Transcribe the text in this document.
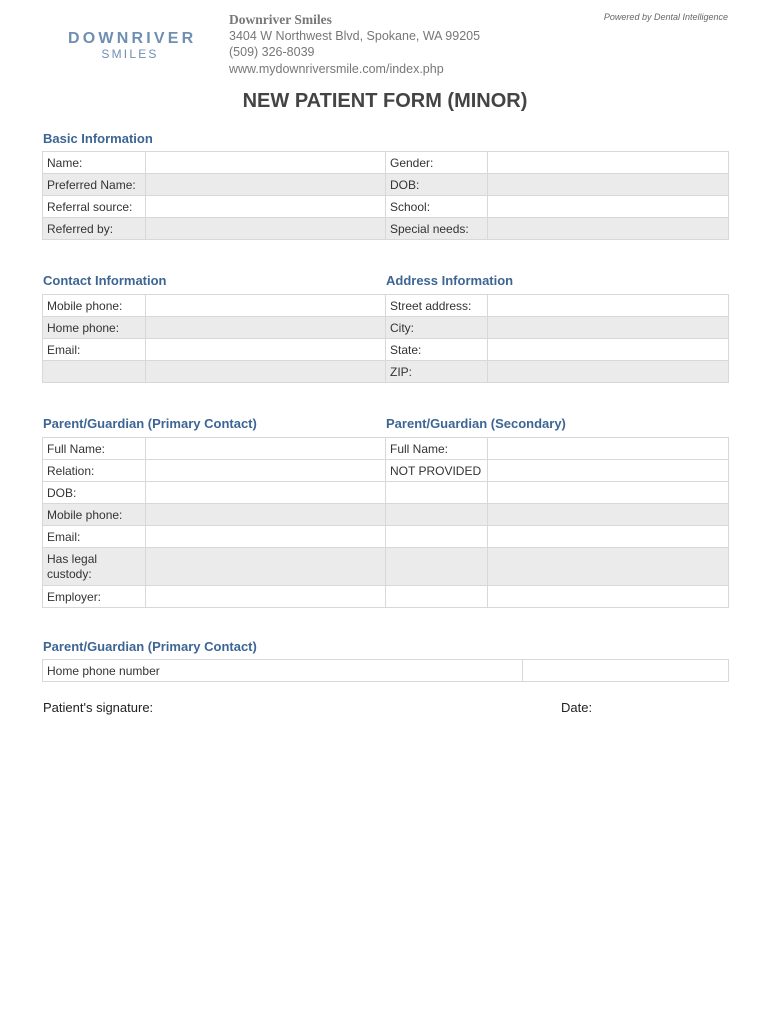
DOWNRIVER
SMILES
Downriver Smiles
3404 W Northwest Blvd, Spokane, WA 99205
(509) 326-8039
www.mydownriversmile.com/index.php
Powered by Dental Intelligence
NEW PATIENT FORM (MINOR)
Basic Information
Name:		Gender:	
Preferred Name:		DOB:	
Referral source:		School:	
Referred by:		Special needs:	
Contact Information	Address Information
Mobile phone:		Street address:	
Home phone:		City:	
Email:		State:	
		ZIP:	
Parent/Guardian (Primary Contact)	Parent/Guardian (Secondary)
Full Name:		Full Name:	
Relation:		NOT PROVIDED	
DOB:			
Mobile phone:			
Email:			
Has legal custody:			
Employer:			
Parent/Guardian (Primary Contact)
Home phone number	
Patient's signature:	Date:
